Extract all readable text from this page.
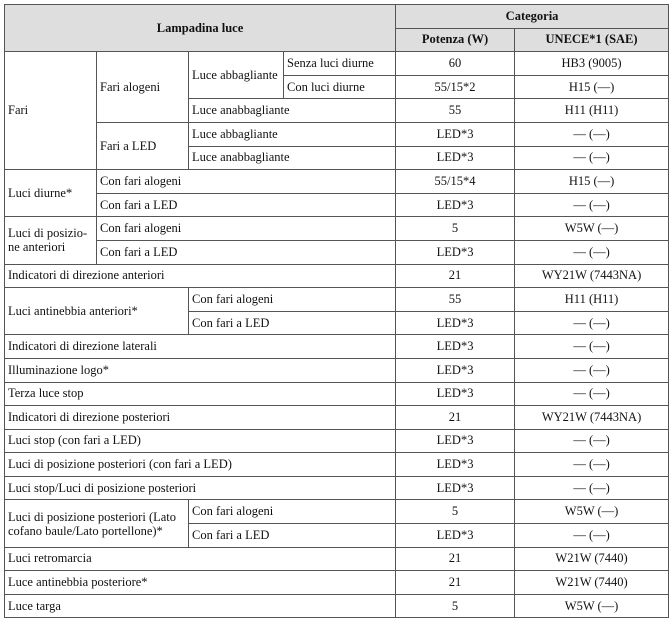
Lampadina luce				Categoria	
				Potenza (W)	UNECE*1 (SAE)
Fari	Fari alogeni	Luce abbagliante	Senza luci diurne	60	HB3 (9005)
			Con luci diurne	55/15*2	H15 (—)
		Luce anabbagliante		55	H11 (H11)
	Fari a LED	Luce abbagliante		LED*3	— (—)
		Luce anabbagliante		LED*3	— (—)
Luci diurne*	Con fari alogeni			55/15*4	H15 (—)
	Con fari a LED			LED*3	— (—)
Luci di posizio- ne anteriori	Con fari alogeni			5	W5W (—)
	Con fari a LED			LED*3	— (—)
Indicatori di direzione anteriori				21	WY21W (7443NA)
Luci antinebbia anteriori*		Con fari alogeni		55	H11 (H11)
		Con fari a LED		LED*3	— (—)
Indicatori di direzione laterali				LED*3	— (—)
Illuminazione logo*				LED*3	— (—)
Terza luce stop				LED*3	— (—)
Indicatori di direzione posteriori				21	WY21W (7443NA)
Luci stop (con fari a LED)				LED*3	— (—)
Luci di posizione posteriori (con fari a LED)				LED*3	— (—)
Luci stop/Luci di posizione posteriori				LED*3	— (—)
Luci di posizione posteriori (Lato cofano baule/Lato portellone)*		Con fari alogeni		5	W5W (—)
		Con fari a LED		LED*3	— (—)
Luci retromarcia				21	W21W (7440)
Luce antinebbia posteriore*				21	W21W (7440)
Luce targa				5	W5W (—)
